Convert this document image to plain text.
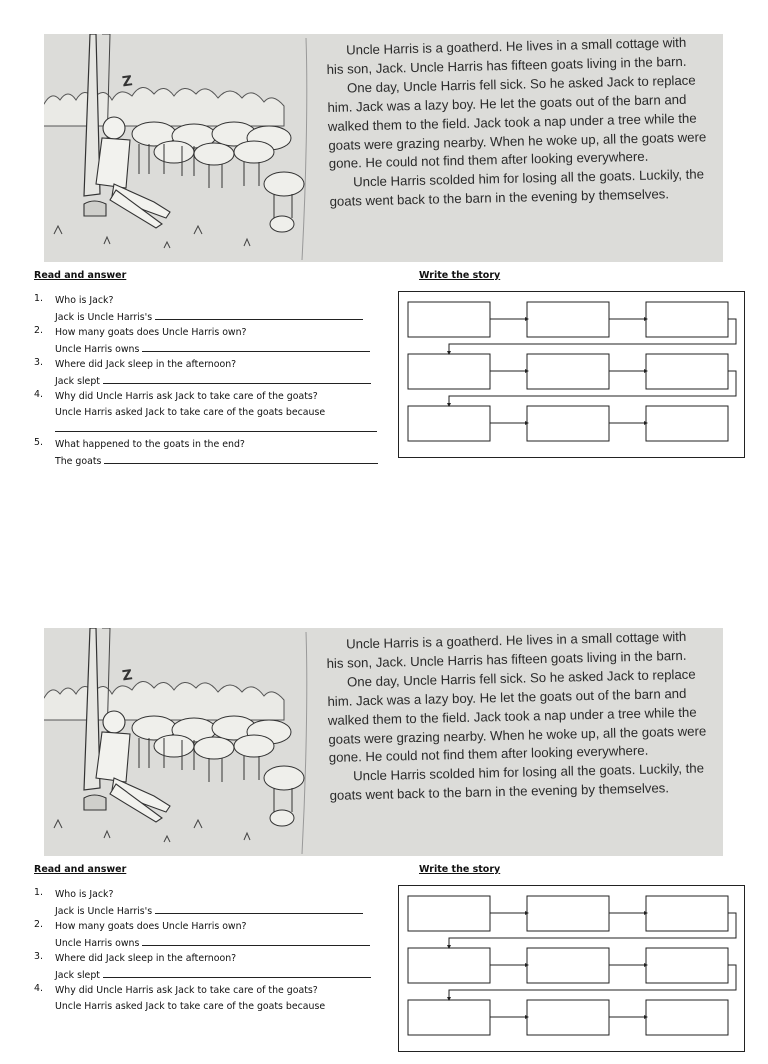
Z

Uncle Harris is a goatherd. He lives in a small cottage with his son, Jack. Uncle Harris has fifteen goats living in the barn.

One day, Uncle Harris fell sick. So he asked Jack to replace him. Jack was a lazy boy. He let the goats out of the barn and walked them to the field. Jack took a nap under a tree while the goats were grazing nearby. When he woke up, all the goats were gone. He could not find them after looking everywhere.

Uncle Harris scolded him for losing all the goats. Luckily, the goats went back to the barn in the evening by themselves.

Read and answer	Write the story
1. Who is Jack?
Jack is Uncle Harris's
2. How many goats does Uncle Harris own?
Uncle Harris owns
3. Where did Jack sleep in the afternoon?
Jack slept
4. Why did Uncle Harris ask Jack to take care of the goats?
Uncle Harris asked Jack to take care of the goats because
5. What happened to the goats in the end?
The goats
Z

Uncle Harris is a goatherd. He lives in a small cottage with his son, Jack. Uncle Harris has fifteen goats living in the barn.

One day, Uncle Harris fell sick. So he asked Jack to replace him. Jack was a lazy boy. He let the goats out of the barn and walked them to the field. Jack took a nap under a tree while the goats were grazing nearby. When he woke up, all the goats were gone. He could not find them after looking everywhere.

Uncle Harris scolded him for losing all the goats. Luckily, the goats went back to the barn in the evening by themselves.

Read and answer	Write the story
1. Who is Jack?
Jack is Uncle Harris's
2. How many goats does Uncle Harris own?
Uncle Harris owns
3. Where did Jack sleep in the afternoon?
Jack slept
4. Why did Uncle Harris ask Jack to take care of the goats?
Uncle Harris asked Jack to take care of the goats because
